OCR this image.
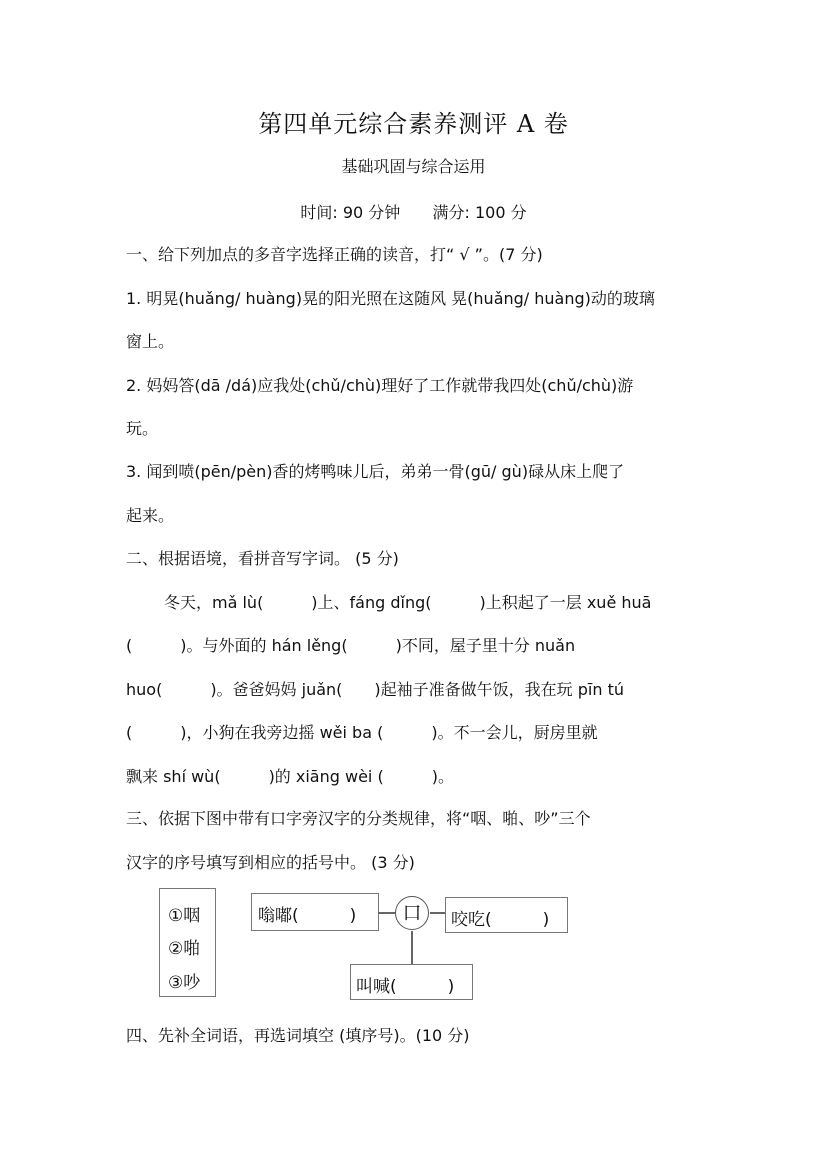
第四单元综合素养测评 A 卷
基础巩固与综合运用
时间: 90 分钟 满分: 100 分
一、给下列加点的多音字选择正确的读音，打“ √ ”。(7 分)
1. 明晃(huǎng/ huàng)晃的阳光照在这随风 晃(huǎng/ huàng)动的玻璃
窗上。
2. 妈妈答(dā /dá)应我处(chǔ/chù)理好了工作就带我四处(chǔ/chù)游
玩。
3. 闻到喷(pēn/pèn)香的烤鸭味儿后，弟弟一骨(gū/ gù)碌从床上爬了
起来。
二、根据语境，看拼音写字词。 (5 分)
冬天，mǎ lù(　　　)上、fáng dǐng(　　　)上积起了一层 xuě huā
(　　　)。与外面的 hán lěng(　　　)不同，屋子里十分 nuǎn
huo(　　　)。爸爸妈妈 juǎn(　　)起袖子准备做午饭，我在玩 pīn tú
(　　　)，小狗在我旁边摇 wěi ba (　　　)。不一会儿，厨房里就
飘来 shí wù(　　　)的 xiāng wèi (　　　)。
三、依据下图中带有口字旁汉字的分类规律，将“咽、啪、吵”三个
汉字的序号填写到相应的括号中。 (3 分)
①咽
②啪
③吵
嗡嘟(　　　)	口	咬吃(　　　)
叫喊(　　　)
四、先补全词语，再选词填空 (填序号)。(10 分)
